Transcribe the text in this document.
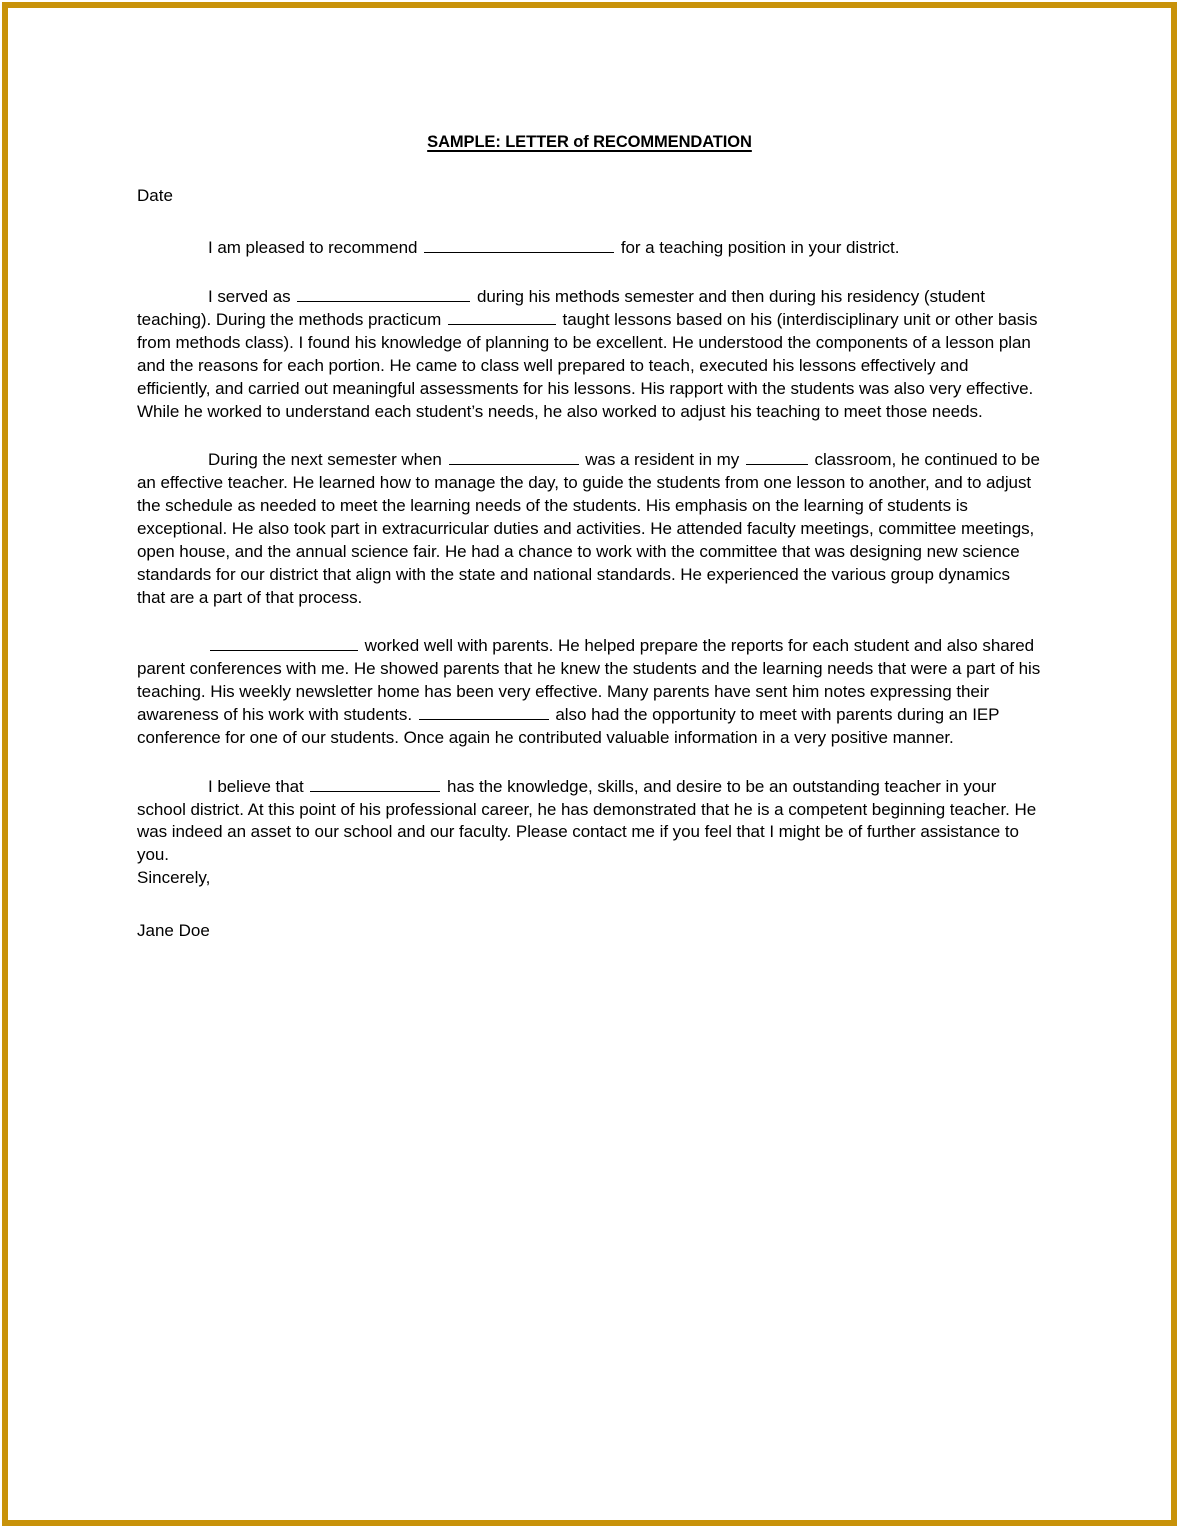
SAMPLE: LETTER of RECOMMENDATION
Date

I am pleased to recommend	for a teaching position in your district.

I served as	during his methods semester and then during his residency (student teaching). During the methods practicum	taught lessons based on his (interdisciplinary unit or other basis from methods class). I found his knowledge of planning to be excellent. He understood the components of a lesson plan and the reasons for each portion. He came to class well prepared to teach, executed his lessons effectively and efficiently, and carried out meaningful assessments for his lessons. His rapport with the students was also very effective. While he worked to understand each student’s needs, he also worked to adjust his teaching to meet those needs.

During the next semester when	was a resident in my	classroom, he continued to be an effective teacher. He learned how to manage the day, to guide the students from one lesson to another, and to adjust the schedule as needed to meet the learning needs of the students. His emphasis on the learning of students is exceptional. He also took part in extracurricular duties and activities. He attended faculty meetings, committee meetings, open house, and the annual science fair. He had a chance to work with the committee that was designing new science standards for our district that align with the state and national standards. He experienced the various group dynamics that are a part of that process.

worked well with parents. He helped prepare the reports for each student and also shared parent conferences with me. He showed parents that he knew the students and the learning needs that were a part of his teaching. His weekly newsletter home has been very effective. Many parents have sent him notes expressing their awareness of his work with students.	also had the opportunity to meet with parents during an IEP conference for one of our students. Once again he contributed valuable information in a very positive manner.

I believe that	has the knowledge, skills, and desire to be an outstanding teacher in your school district. At this point of his professional career, he has demonstrated that he is a competent beginning teacher. He was indeed an asset to our school and our faculty. Please contact me if you feel that I might be of further assistance to you.

Sincerely,
Jane Doe
